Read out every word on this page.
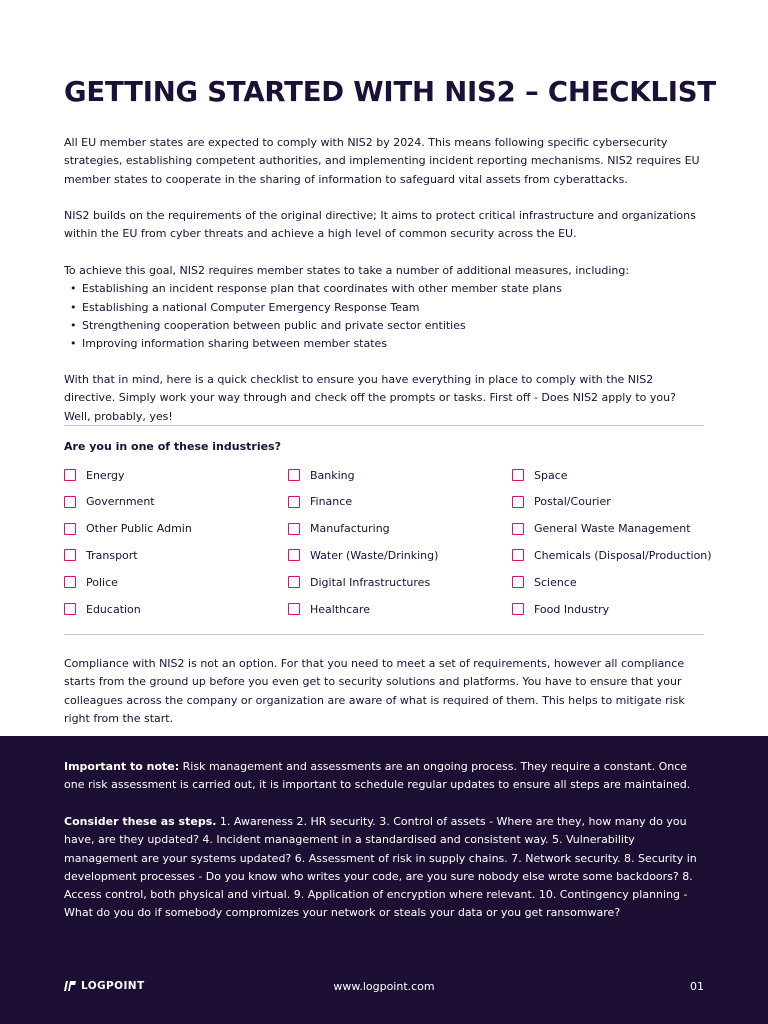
GETTING STARTED WITH NIS2 – CHECKLIST

All EU member states are expected to comply with NIS2 by 2024. This means following specific cybersecurity strategies, establishing competent authorities, and implementing incident reporting mechanisms. NIS2 requires EU member states to cooperate in the sharing of information to safeguard vital assets from cyberattacks.

NIS2 builds on the requirements of the original directive; It aims to protect critical infrastructure and organizations within the EU from cyber threats and achieve a high level of common security across the EU.

To achieve this goal, NIS2 requires member states to take a number of additional measures, including:
• Establishing an incident response plan that coordinates with other member state plans
• Establishing a national Computer Emergency Response Team
• Strengthening cooperation between public and private sector entities
• Improving information sharing between member states

With that in mind, here is a quick checklist to ensure you have everything in place to comply with the NIS2 directive. Simply work your way through and check off the prompts or tasks. First off - Does NIS2 apply to you? Well, probably, yes!

Are you in one of these industries?

Energy
Government
Other Public Admin
Transport
Police
Education
Banking
Finance
Manufacturing
Water (Waste/Drinking)
Digital Infrastructures
Healthcare
Space
Postal/Courier
General Waste Management
Chemicals (Disposal/Production)
Science
Food Industry

Compliance with NIS2 is not an option. For that you need to meet a set of requirements, however all compliance starts from the ground up before you even get to security solutions and platforms. You have to ensure that your colleagues across the company or organization are aware of what is required of them. This helps to mitigate risk right from the start.

Important to note: Risk management and assessments are an ongoing process. They require a constant. Once one risk assessment is carried out, it is important to schedule regular updates to ensure all steps are maintained.

Consider these as steps. 1. Awareness 2. HR security. 3. Control of assets - Where are they, how many do you have, are they updated? 4. Incident management in a standardised and consistent way. 5. Vulnerability management are your systems updated? 6. Assessment of risk in supply chains. 7. Network security. 8. Security in development processes - Do you know who writes your code, are you sure nobody else wrote some backdoors? 8. Access control, both physical and virtual. 9. Application of encryption where relevant. 10. Contingency planning - What do you do if somebody compromizes your network or steals your data or you get ransomware?

LOGPOINT	www.logpoint.com	01
